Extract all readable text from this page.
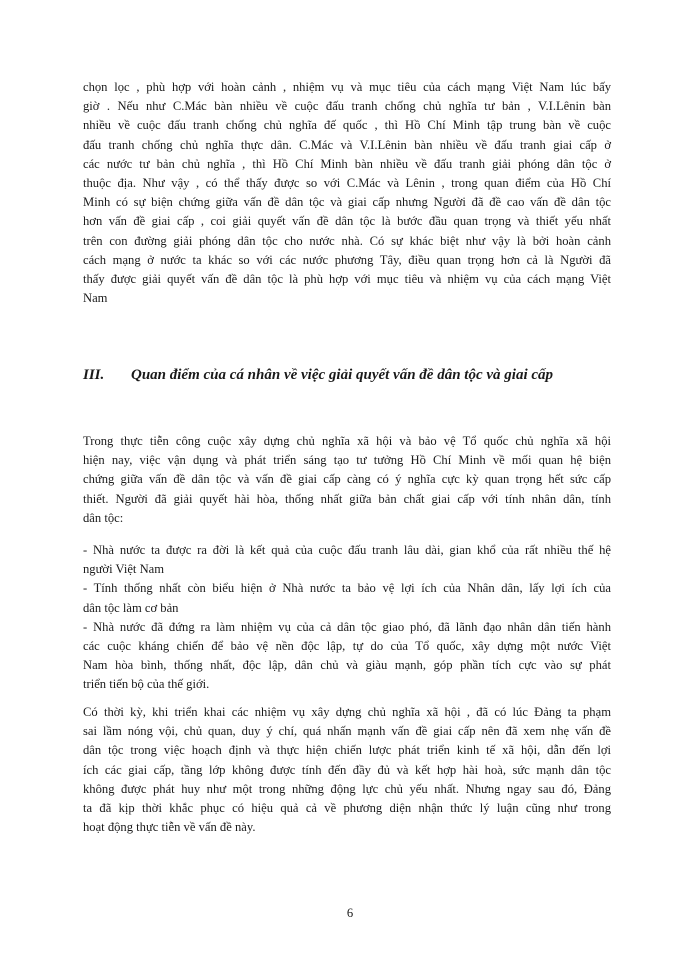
chọn lọc , phù hợp với hoàn cảnh , nhiệm vụ và mục tiêu của cách mạng Việt Nam lúc bấy
giờ . Nếu như C.Mác bàn nhiều về cuộc đấu tranh chống chủ nghĩa tư bản , V.I.Lênin bàn
nhiều về cuộc đấu tranh chống chủ nghĩa đế quốc , thì Hồ Chí Minh tập trung bàn về cuộc
đấu tranh chống chủ nghĩa thực dân. C.Mác và V.I.Lênin bàn nhiều về đấu tranh giai cấp ở
các nước tư bản chủ nghĩa , thì Hồ Chí Minh bàn nhiều về đấu tranh giải phóng dân tộc ở
thuộc địa. Như vậy , có thể thấy được so với C.Mác và Lênin , trong quan điểm của Hồ Chí
Minh có sự biện chứng giữa vấn đề dân tộc và giai cấp nhưng Người đã đề cao vấn đề dân tộc
hơn vấn đề giai cấp , coi giải quyết vấn đề dân tộc là bước đầu quan trọng và thiết yếu nhất
trên con đường giải phóng dân tộc cho nước nhà. Có sự khác biệt như vậy là bởi hoàn cảnh
cách mạng ở nước ta khác so với các nước phương Tây, điều quan trọng hơn cả là Người đã
thấy được giải quyết vấn đề dân tộc là phù hợp với mục tiêu và nhiệm vụ của cách mạng Việt
Nam
III. Quan điểm của cá nhân về việc giải quyết vấn đề dân tộc và giai cấp
Trong thực tiễn công cuộc xây dựng chủ nghĩa xã hội và bảo vệ Tổ quốc chủ nghĩa xã hội
hiện nay, việc vận dụng và phát triển sáng tạo tư tưởng Hồ Chí Minh về mối quan hệ biện
chứng giữa vấn đề dân tộc và vấn đề giai cấp càng có ý nghĩa cực kỳ quan trọng hết sức cấp
thiết. Người đã giải quyết hài hòa, thống nhất giữa bản chất giai cấp với tính nhân dân, tính
dân tộc:
- Nhà nước ta được ra đời là kết quả của cuộc đấu tranh lâu dài, gian khổ của rất nhiều thế hệ
người Việt Nam
- Tính thống nhất còn biểu hiện ở Nhà nước ta bảo vệ lợi ích của Nhân dân, lấy lợi ích của
dân tộc làm cơ bản
- Nhà nước đã đứng ra làm nhiệm vụ của cả dân tộc giao phó, đã lãnh đạo nhân dân tiến hành
các cuộc kháng chiến để bảo vệ nền độc lập, tự do của Tổ quốc, xây dựng một nước Việt
Nam hòa bình, thống nhất, độc lập, dân chủ và giàu mạnh, góp phần tích cực vào sự phát
triển tiến bộ của thế giới.
Có thời kỳ, khi triển khai các nhiệm vụ xây dựng chủ nghĩa xã hội , đã có lúc Đảng ta phạm
sai lầm nóng vội, chủ quan, duy ý chí, quá nhấn mạnh vấn đề giai cấp nên đã xem nhẹ vấn đề
dân tộc trong việc hoạch định và thực hiện chiến lược phát triển kinh tế xã hội, dẫn đến lợi
ích các giai cấp, tầng lớp không được tính đến đầy đủ và kết hợp hài hoà, sức mạnh dân tộc
không được phát huy như một trong những động lực chủ yếu nhất. Nhưng ngay sau đó, Đảng
ta đã kịp thời khắc phục có hiệu quả cả về phương diện nhận thức lý luận cũng như trong
hoạt động thực tiễn về vấn đề này.
6
